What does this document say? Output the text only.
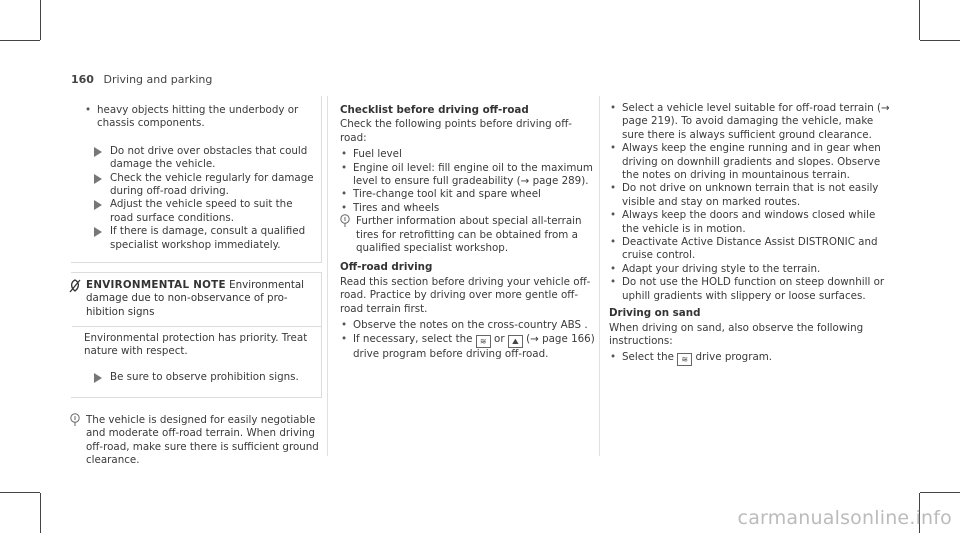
160 Driving and parking

• heavy objects hitting the underbody or chassis components.

Do not drive over obstacles that could damage the vehicle.

Check the vehicle regularly for damage during off-road driving.

Adjust the vehicle speed to suit the road surface conditions.

If there is damage, consult a qualified specialist workshop immediately.

ENVIRONMENTAL NOTE Environmental damage due to non-observance of prohibition signs

Environmental protection has priority. Treat nature with respect.

Be sure to observe prohibition signs.

The vehicle is designed for easily negotiable and moderate off-road terrain. When driving off-road, make sure there is sufficient ground clearance.

Checklist before driving off-road

Check the following points before driving off-road:

• Fuel level

• Engine oil level: fill engine oil to the maximum level to ensure full gradeability (→ page 289).

• Tire-change tool kit and spare wheel

• Tires and wheels

Further information about special all-terrain tires for retrofitting can be obtained from a qualified specialist workshop.

Off-road driving

Read this section before driving your vehicle off-road. Practice by driving over more gentle off-road terrain first.

• Observe the notes on the cross-country ABS .

• If necessary, select the ≋ or ⛰ (→ page 166) drive program before driving off-road.

• Select a vehicle level suitable for off-road terrain (→ page 219). To avoid damaging the vehicle, make sure there is always sufficient ground clearance.

• Always keep the engine running and in gear when driving on downhill gradients and slopes. Observe the notes on driving in mountainous terrain.

• Do not drive on unknown terrain that is not easily visible and stay on marked routes.

• Always keep the doors and windows closed while the vehicle is in motion.

• Deactivate Active Distance Assist DISTRONIC and cruise control.

• Adapt your driving style to the terrain.

• Do not use the HOLD function on steep downhill or uphill gradients with slippery or loose surfaces.

Driving on sand

When driving on sand, also observe the following instructions:

• Select the ≋ drive program.

carmanualsonline.info
